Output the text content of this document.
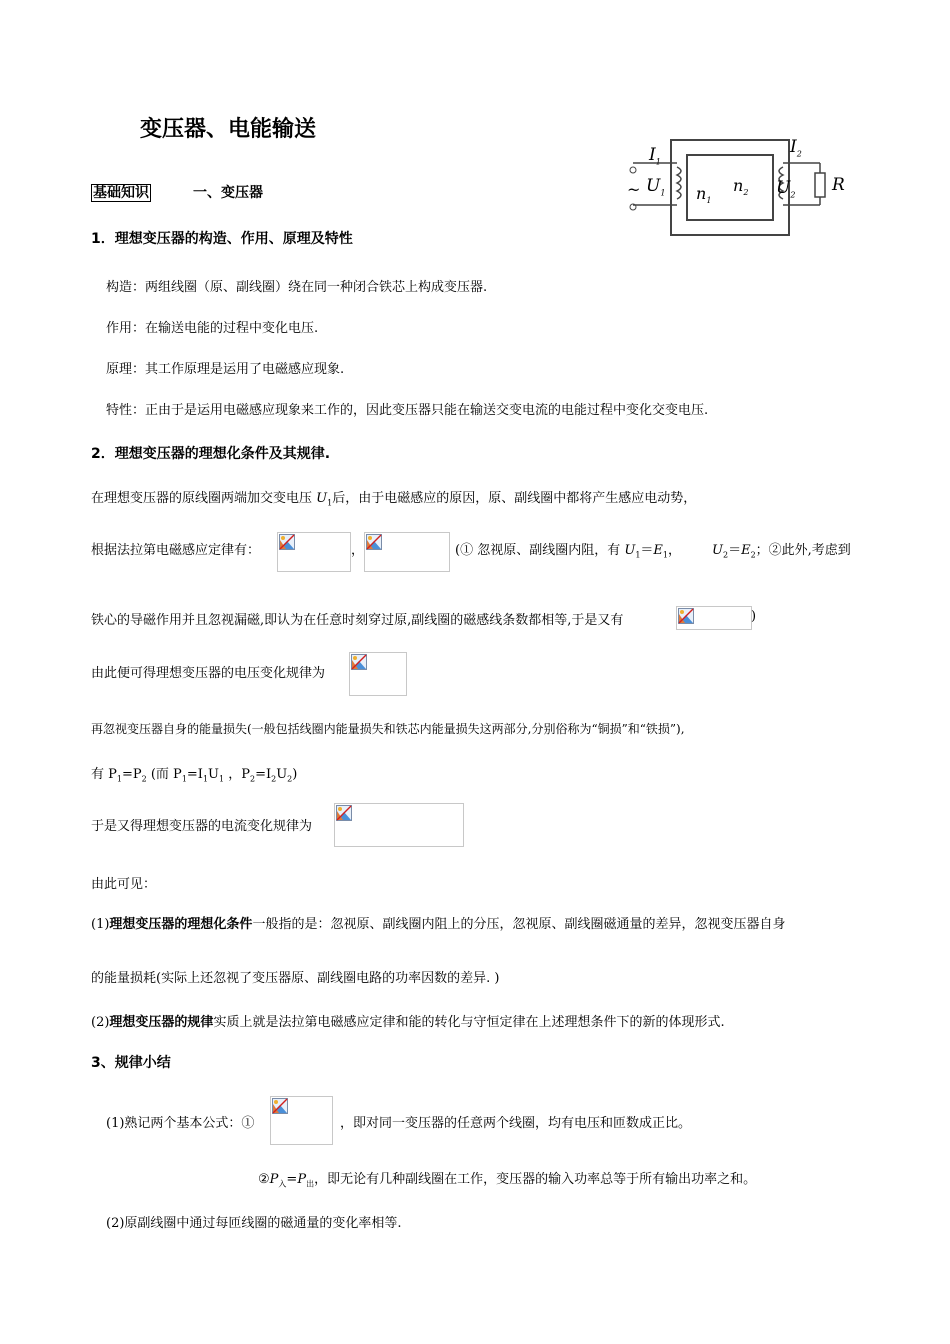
变压器、电能输送
基础知识	一、变压器
$I_1$
$I_2$
$U_1$	$U_2$
$n_1$
$n_2$	R
~
1．理想变压器的构造、作用、原理及特性
构造：两组线圈（原、副线圈）绕在同一种闭合铁芯上构成变压器.
作用：在输送电能的过程中变化电压.
原理：其工作原理是运用了电磁感应现象.
特性：正由于是运用电磁感应现象来工作的，因此变压器只能在输送交变电流的电能过程中变化交变电压.
2．理想变压器的理想化条件及其规律.
在理想变压器的原线圈两端加交变电压 $U_1$后，由于电磁感应的原因，原、副线圈中都将产生感应电动势，
根据法拉第电磁感应定律有：	，	(① 忽视原、副线圈内阻，有 $U_1=E_1$， $U_2=E_2$；②此外,考虑到
铁心的导磁作用并且忽视漏磁,即认为在任意时刻穿过原,副线圈的磁感线条数都相等,于是又有	)
由此便可得理想变压器的电压变化规律为
再忽视变压器自身的能量损失(一般包括线圈内能量损失和铁芯内能量损失这两部分,分别俗称为“铜损”和“铁损”),
有 $P_1=P_2$ (而 $P_1=I_1U_1$ ，$P_2=I_2U_2$)
于是又得理想变压器的电流变化规律为
由此可见：
(1)理想变压器的理想化条件一般指的是：忽视原、副线圈内阻上的分压，忽视原、副线圈磁通量的差异，忽视变压器自身
的能量损耗(实际上还忽视了变压器原、副线圈电路的功率因数的差异. )
(2)理想变压器的规律实质上就是法拉第电磁感应定律和能的转化与守恒定律在上述理想条件下的新的体现形式.
3、规律小结
(1)熟记两个基本公式：①	，即对同一变压器的任意两个线圈，均有电压和匝数成正比。
$②P_入=P_出$，即无论有几种副线圈在工作，变压器的输入功率总等于所有输出功率之和。
(2)原副线圈中通过每匝线圈的磁通量的变化率相等.
